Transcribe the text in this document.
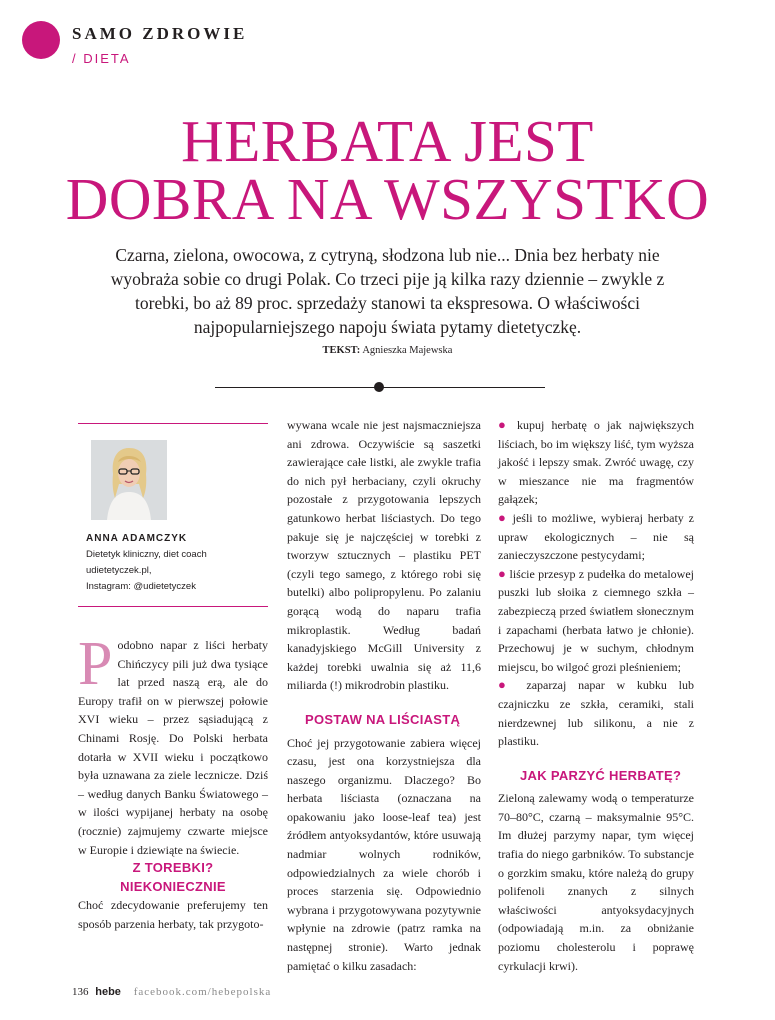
SAMO ZDROWIE
/ DIETA
HERBATA JEST
DOBRA NA WSZYSTKO
Czarna, zielona, owocowa, z cytryną, słodzona lub nie... Dnia bez herbaty nie wyobraża sobie co drugi Polak. Co trzeci pije ją kilka razy dziennie – zwykle z torebki, bo aż 89 proc. sprzedaży stanowi ta ekspresowa. O właściwości najpopularniejszego napoju świata pytamy dietetyczkę.
TEKST: Agnieszka Majewska
ANNA ADAMCZYK
Dietetyk kliniczny, diet coach
udietetyczek.pl,
Instagram: @udietetyczek

Podobno napar z liści herbaty Chińczycy pili już dwa tysiące lat przed naszą erą, ale do Europy trafił on w pierwszej połowie XVI wieku – przez sąsiadującą z Chinami Rosję. Do Polski herbata dotarła w XVII wieku i początkowo była uznawana za ziele lecznicze. Dziś – według danych Banku Światowego – w ilości wypijanej herbaty na osobę (rocznie) zajmujemy czwarte miejsce w Europie i dziewiąte na świecie.

Z TOREBKI? NIEKONIECZNIE

Choć zdecydowanie preferujemy ten sposób parzenia herbaty, tak przygoto-

wywana wcale nie jest najsmaczniejsza ani zdrowa. Oczywiście są saszetki zawierające całe listki, ale zwykle trafia do nich pył herbaciany, czyli okruchy pozostałe z przygotowania lepszych gatunkowo herbat liściastych. Do tego pakuje się je najczęściej w torebki z tworzyw sztucznych – plastiku PET (czyli tego samego, z którego robi się butelki) albo polipropylenu. Po zalaniu gorącą wodą do naparu trafia mikroplastik. Według badań kanadyjskiego McGill University z każdej torebki uwalnia się aż 11,6 miliarda (!) mikrodrobin plastiku.

POSTAW NA LIŚCIASTĄ

Choć jej przygotowanie zabiera więcej czasu, jest ona korzystniejsza dla naszego organizmu. Dlaczego? Bo herbata liściasta (oznaczana na opakowaniu jako loose-leaf tea) jest źródłem antyoksydantów, które usuwają nadmiar wolnych rodników, odpowiedzialnych za wiele chorób i proces starzenia się. Odpowiednio wybrana i przygotowywana pozytywnie wpłynie na zdrowie (patrz ramka na następnej stronie). Warto jednak pamiętać o kilku zasadach:

● kupuj herbatę o jak największych liściach, bo im większy liść, tym wyższa jakość i lepszy smak. Zwróć uwagę, czy w mieszance nie ma fragmentów gałązek;

● jeśli to możliwe, wybieraj herbaty z upraw ekologicznych – nie są zanieczyszczone pestycydami;

● liście przesyp z pudełka do metalowej puszki lub słoika z ciemnego szkła – zabezpieczą przed światłem słonecznym i zapachami (herbata łatwo je chłonie). Przechowuj je w suchym, chłodnym miejscu, bo wilgoć grozi pleśnieniem;

● zaparzaj napar w kubku lub czajniczku ze szkła, ceramiki, stali nierdzewnej lub silikonu, a nie z plastiku.

JAK PARZYĆ HERBATĘ?

Zieloną zalewamy wodą o temperaturze 70–80°C, czarną – maksymalnie 95°C. Im dłużej parzymy napar, tym więcej trafia do niego garbników. To substancje o gorzkim smaku, które należą do grupy polifenoli znanych z silnych właściwości antyoksydacyjnych (odpowiadają m.in. za obniżanie poziomu cholesterolu i poprawę cyrkulacji krwi).

136 hebe facebook.com/hebepolska
